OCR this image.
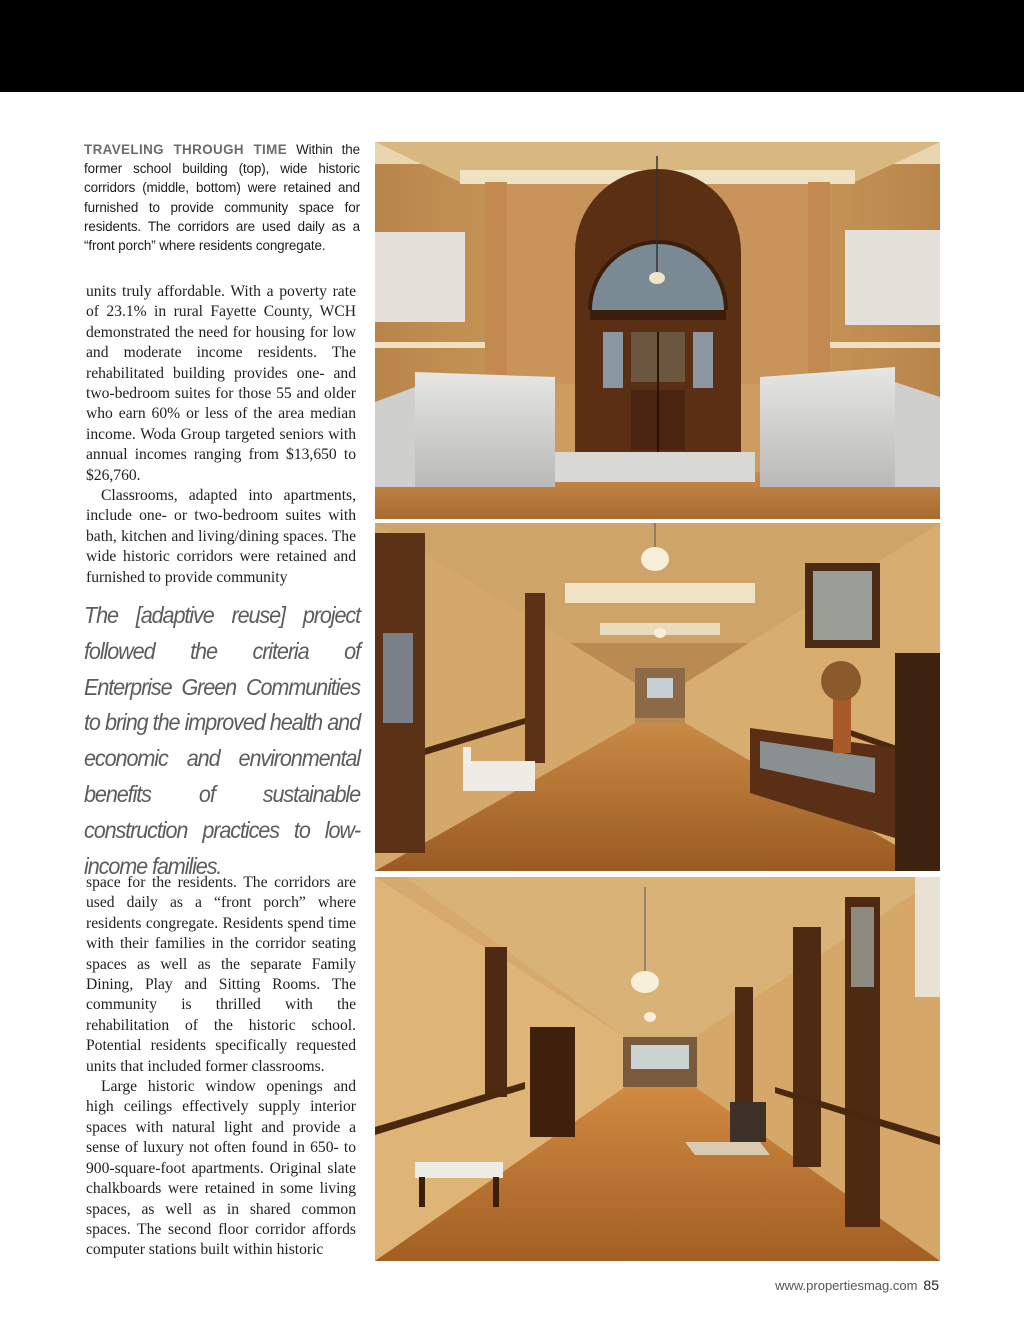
TRAVELING THROUGH TIME Within the former school building (top), wide historic corridors (middle, bottom) were retained and furnished to provide community space for residents. The corridors are used daily as a “front porch” where residents congregate.

units truly affordable. With a poverty rate of 23.1% in rural Fayette County, WCH demonstrated the need for housing for low and moderate income residents. The rehabilitated building provides one- and two-bedroom suites for those 55 and older who earn 60% or less of the area median income. Woda Group targeted seniors with annual incomes ranging from $13,650 to $26,760.

Classrooms, adapted into apartments, include one- or two-bedroom suites with bath, kitchen and living/dining spaces. The wide historic corridors were retained and furnished to provide community

The [adaptive reuse] project followed the criteria of Enterprise Green Communities to bring the improved health and economic and environmental benefits of sustainable construction practices to low-income families.

space for the residents. The corridors are used daily as a “front porch” where residents congregate. Residents spend time with their families in the corridor seating spaces as well as the separate Family Dining, Play and Sitting Rooms. The community is thrilled with the rehabilitation of the historic school. Potential residents specifically requested units that included former classrooms.

Large historic window openings and high ceilings effectively supply interior spaces with natural light and provide a sense of luxury not often found in 650- to 900-square-foot apartments. Original slate chalkboards were retained in some living spaces, as well as in shared common spaces. The second floor corridor affords computer stations built within historic

www.propertiesmag.com 85
